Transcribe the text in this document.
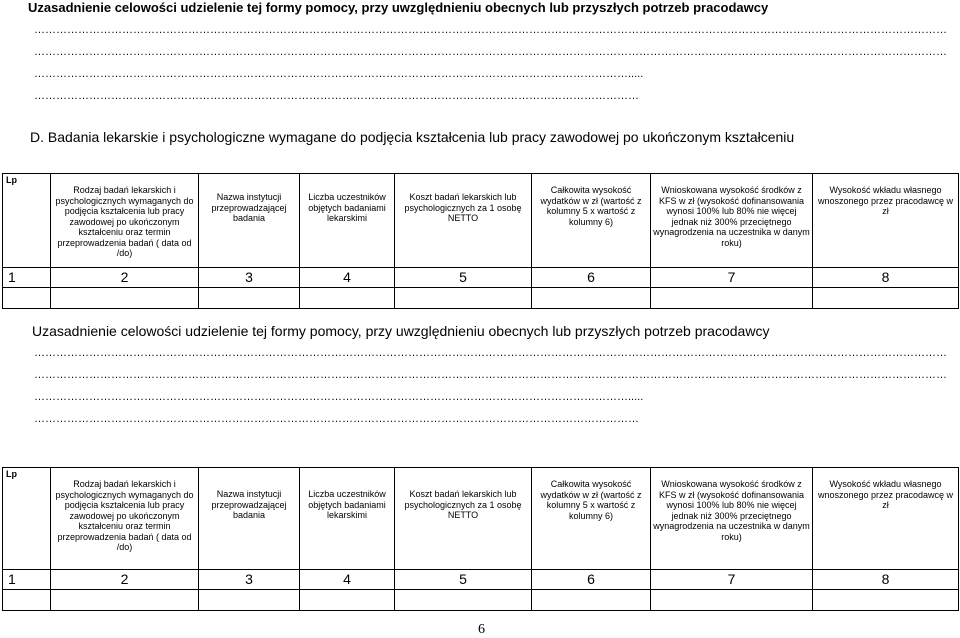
Uzasadnienie celowości udzielenie tej formy pomocy, przy uwzględnieniu obecnych lub przyszłych potrzeb pracodawcy
……………………………………………………………………………………………………………………………………………………………………………………………………………………………
……………………………………………………………………………………………………………………………………………………………………………………………………………………………
……………………………………………………………………………………………………………………………………………….....
…………………………………………………………………………………………………………………………………………………
D. Badania lekarskie i psychologiczne wymagane do podjęcia kształcenia lub pracy zawodowej po ukończonym kształceniu
Lp	Rodzaj badań lekarskich i psychologicznych wymaganych do podjęcia kształcenia lub pracy zawodowej po ukończonym kształceniu oraz termin przeprowadzenia badań ( data od /do)	Nazwa instytucji przeprowadzającej badania	Liczba uczestników objętych badaniami lekarskimi	Koszt badań lekarskich lub psychologicznych za 1 osobę NETTO	Całkowita wysokość wydatków w zł (wartość z kolumny 5 x wartość z kolumny 6)	Wnioskowana wysokość środków z KFS w zł (wysokość dofinansowania wynosi 100% lub 80% nie więcej jednak niż 300% przeciętnego wynagrodzenia na uczestnika w danym roku)	Wysokość wkładu własnego wnoszonego przez pracodawcę w zł
1	2	3	4	5	6	7	8

Uzasadnienie celowości udzielenie tej formy pomocy, przy uwzględnieniu obecnych lub przyszłych potrzeb pracodawcy
……………………………………………………………………………………………………………………………………………………………………………………………………………………………
……………………………………………………………………………………………………………………………………………………………………………………………………………………………
……………………………………………………………………………………………………………………………………………….....
…………………………………………………………………………………………………………………………………………………
Lp	Rodzaj badań lekarskich i psychologicznych wymaganych do podjęcia kształcenia lub pracy zawodowej po ukończonym kształceniu oraz termin przeprowadzenia badań ( data od /do)	Nazwa instytucji przeprowadzającej badania	Liczba uczestników objętych badaniami lekarskimi	Koszt badań lekarskich lub psychologicznych za 1 osobę NETTO	Całkowita wysokość wydatków w zł (wartość z kolumny 5 x wartość z kolumny 6)	Wnioskowana wysokość środków z KFS w zł (wysokość dofinansowania wynosi 100% lub 80% nie więcej jednak niż 300% przeciętnego wynagrodzenia na uczestnika w danym roku)	Wysokość wkładu własnego wnoszonego przez pracodawcę w zł
1	2	3	4	5	6	7	8

6
